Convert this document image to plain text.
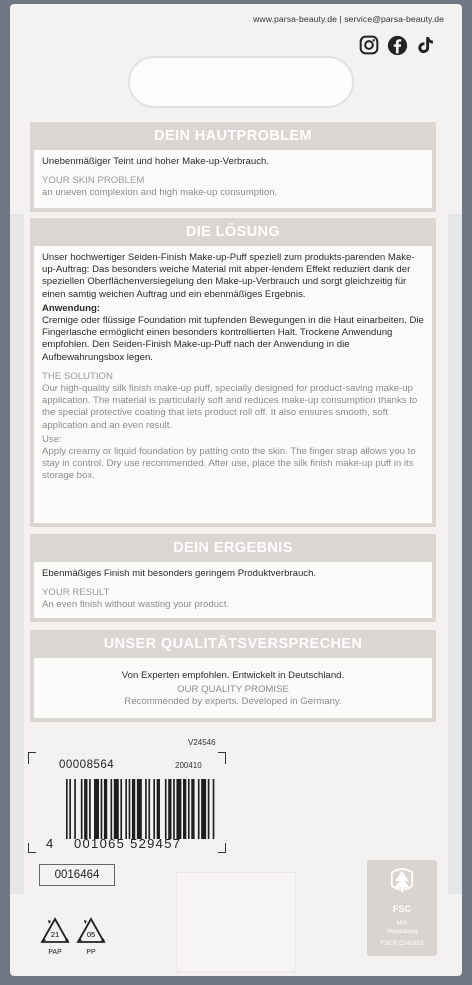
www.parsa-beauty.de | service@parsa-beauty.de
DEIN HAUTPROBLEM
Unebenmäßiger Teint und hoher Make-up-Verbrauch.
YOUR SKIN PROBLEM
an uneven complexion and high make-up consumption.
DIE LÖSUNG
Unser hochwertiger Seiden-Finish Make-up-Puff speziell zum produkts-parenden Make-up-Auftrag: Das besonders weiche Material mit abper-lendem Effekt reduziert dank der speziellen Oberflächenversiegelung den Make-up-Verbrauch und sorgt gleichzeitig für einen samtig weichen Auftrag und ein ebenmäßiges Ergebnis.
Anwendung:
Cremige oder flüssige Foundation mit tupfenden Bewegungen in die Haut einarbeiten. Die Fingerlasche ermöglicht einen besonders kontrollierten Halt. Trockene Anwendung empfohlen. Den Seiden-Finish Make-up-Puff nach der Anwendung in die Aufbewahrungsbox legen.
THE SOLUTION
Our high-quality silk finish make-up puff, specially designed for product-saving make-up application. The material is particularly soft and reduces make-up consumption thanks to the special protective coating that lets product roll off. It also ensures smooth, soft application and an even result.
Use:
Apply creamy or liquid foundation by patting onto the skin. The finger strap allows you to stay in control. Dry use recommended. After use, place the silk finish make-up puff in its storage box.
DEIN ERGEBNIS
Ebenmäßiges Finish mit besonders geringem Produktverbrauch.
YOUR RESULT
An even finish without wasting your product.
UNSER QUALITÄTSVERSPRECHEN
Von Experten empfohlen. Entwickelt in Deutschland.
OUR QUALITY PROMISE
Recommended by experts. Developed in Germany.
V24546
00008564	200410
4 001065 529457
0016464
FSC
MIX
Verpackung
FSC® C141653
21
PAP
05
PP
